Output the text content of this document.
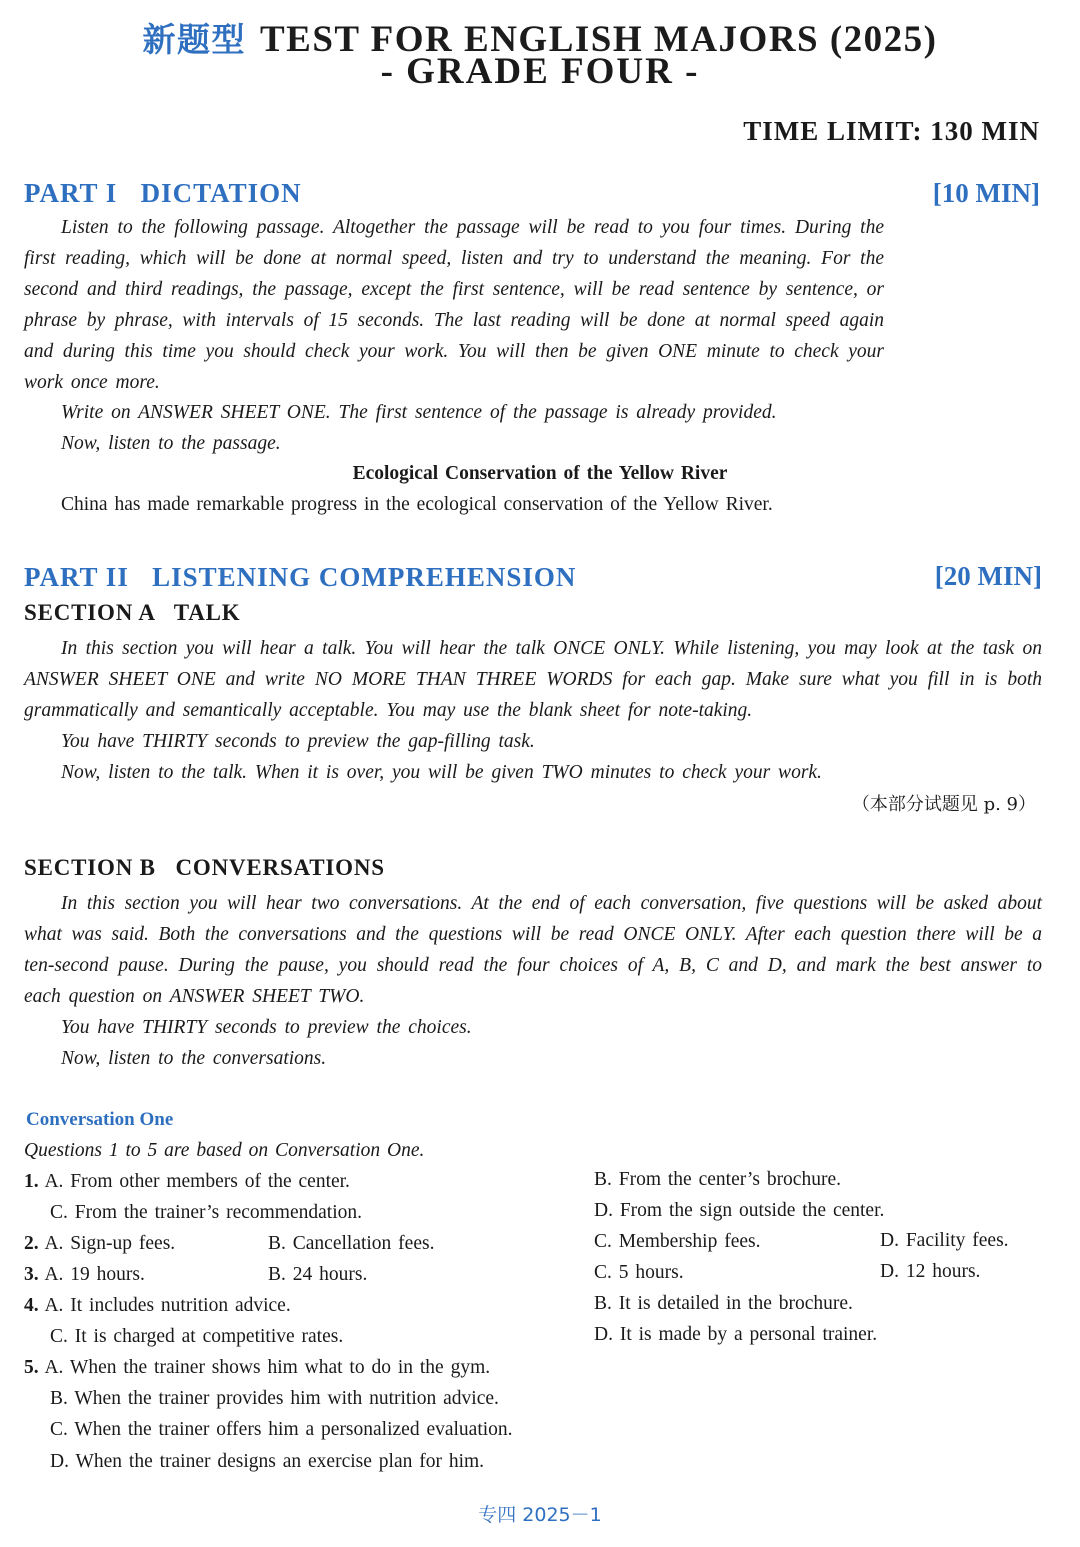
新题型 TEST FOR ENGLISH MAJORS (2025)
- GRADE FOUR -
TIME LIMIT: 130 MIN
PART I   DICTATION	[10 MIN]
Listen to the following passage. Altogether the passage will be read to you four times. During the first reading, which will be done at normal speed, listen and try to understand the meaning. For the second and third readings, the passage, except the first sentence, will be read sentence by sentence, or phrase by phrase, with intervals of 15 seconds. The last reading will be done at normal speed again and during this time you should check your work. You will then be given ONE minute to check your work once more.
Write on ANSWER SHEET ONE. The first sentence of the passage is already provided.
Now, listen to the passage.
Ecological Conservation of the Yellow River
China has made remarkable progress in the ecological conservation of the Yellow River.
PART II   LISTENING COMPREHENSION	[20 MIN]
SECTION A   TALK
In this section you will hear a talk. You will hear the talk ONCE ONLY. While listening, you may look at the task on ANSWER SHEET ONE and write NO MORE THAN THREE WORDS for each gap. Make sure what you fill in is both grammatically and semantically acceptable. You may use the blank sheet for note-taking.
You have THIRTY seconds to preview the gap-filling task.
Now, listen to the talk. When it is over, you will be given TWO minutes to check your work.
（本部分试题见 p. 9）
SECTION B   CONVERSATIONS
In this section you will hear two conversations. At the end of each conversation, five questions will be asked about what was said. Both the conversations and the questions will be read ONCE ONLY. After each question there will be a ten-second pause. During the pause, you should read the four choices of A, B, C and D, and mark the best answer to each question on ANSWER SHEET TWO.
You have THIRTY seconds to preview the choices.
Now, listen to the conversations.
Conversation One
Questions 1 to 5 are based on Conversation One.
1. A. From other members of the center.	B. From the center’s brochure.
C. From the trainer’s recommendation.	D. From the sign outside the center.
2. A. Sign-up fees.	B. Cancellation fees.	C. Membership fees.	D. Facility fees.
3. A. 19 hours.	B. 24 hours.	C. 5 hours.	D. 12 hours.
4. A. It includes nutrition advice.	B. It is detailed in the brochure.
C. It is charged at competitive rates.	D. It is made by a personal trainer.
5. A. When the trainer shows him what to do in the gym.
B. When the trainer provides him with nutrition advice.
C. When the trainer offers him a personalized evaluation.
D. When the trainer designs an exercise plan for him.
专四 2025－1
